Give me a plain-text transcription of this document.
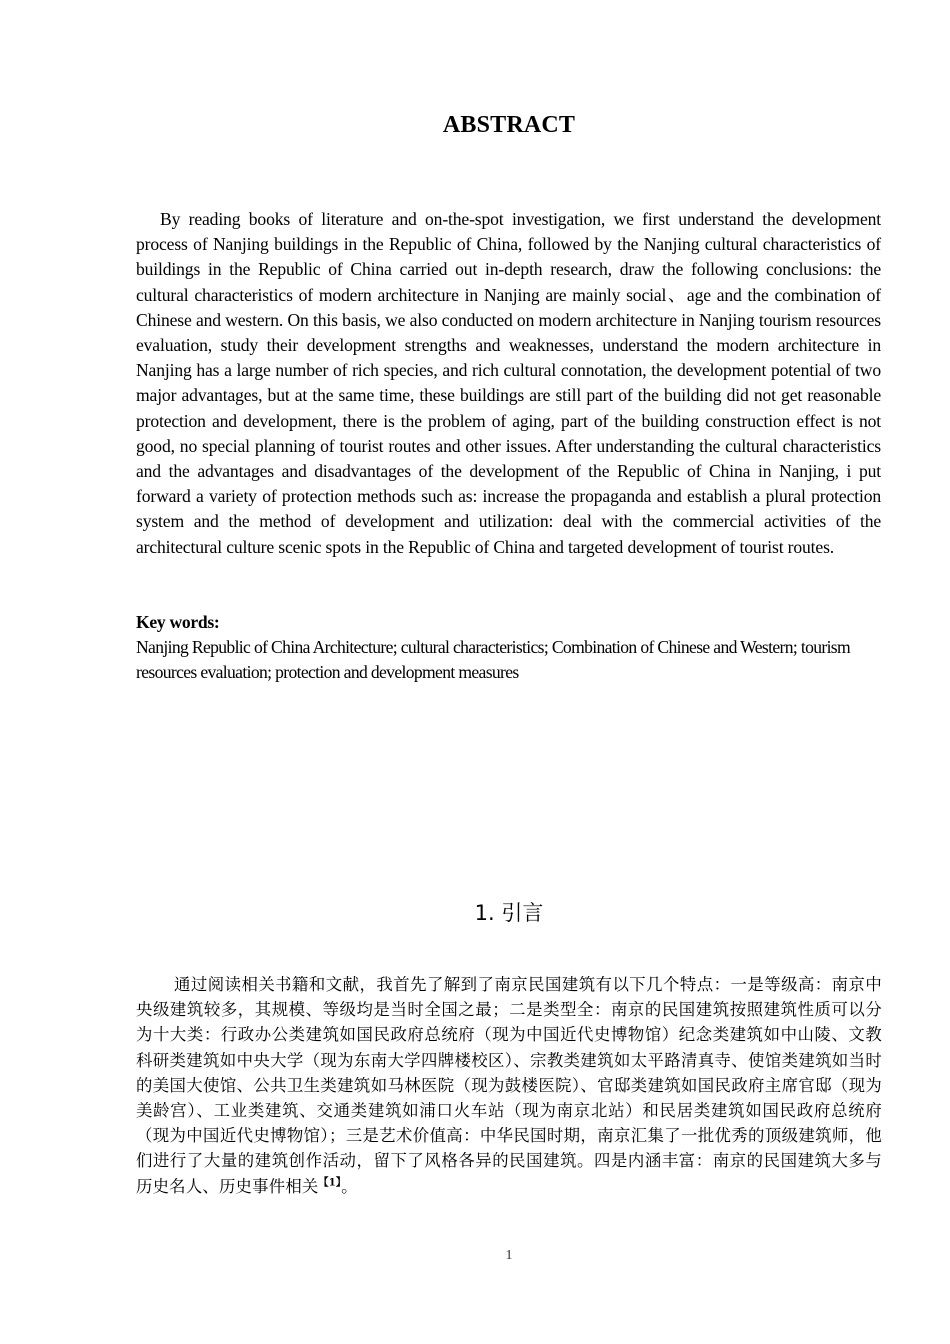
ABSTRACT

By reading books of literature and on-the-spot investigation, we first understand the development process of Nanjing buildings in the Republic of China, followed by the Nanjing cultural characteristics of buildings in the Republic of China carried out in-depth research, draw the following conclusions: the cultural characteristics of modern architecture in Nanjing are mainly social、age and the combination of Chinese and western. On this basis, we also conducted on modern architecture in Nanjing tourism resources evaluation, study their development strengths and weaknesses, understand the modern architecture in Nanjing has a large number of rich species, and rich cultural connotation, the development potential of two major advantages, but at the same time, these buildings are still part of the building did not get reasonable protection and development, there is the problem of aging, part of the building construction effect is not good, no special planning of tourist routes and other issues. After understanding the cultural characteristics and the advantages and disadvantages of the development of the Republic of China in Nanjing, i put forward a variety of protection methods such as: increase the propaganda and establish a plural protection system and the method of development and utilization: deal with the commercial activities of the architectural culture scenic spots in the Republic of China and targeted development of tourist routes.

Key words:

Nanjing Republic of China Architecture; cultural characteristics; Combination of Chinese and Western; tourism resources evaluation; protection and development measures

1. 引言

通过阅读相关书籍和文献，我首先了解到了南京民国建筑有以下几个特点：一是等级高：南京中央级建筑较多，其规模、等级均是当时全国之最；二是类型全：南京的民国建筑按照建筑性质可以分为十大类：行政办公类建筑如国民政府总统府（现为中国近代史博物馆）纪念类建筑如中山陵、文教科研类建筑如中央大学（现为东南大学四牌楼校区）、宗教类建筑如太平路清真寺、使馆类建筑如当时的美国大使馆、公共卫生类建筑如马林医院（现为鼓楼医院）、官邸类建筑如国民政府主席官邸（现为美龄宫）、工业类建筑、交通类建筑如浦口火车站（现为南京北站）和民居类建筑如国民政府总统府（现为中国近代史博物馆）；三是艺术价值高：中华民国时期，南京汇集了一批优秀的顶级建筑师，他们进行了大量的建筑创作活动，留下了风格各异的民国建筑。四是内涵丰富：南京的民国建筑大多与历史名人、历史事件相关$^{【1】}$。

1
